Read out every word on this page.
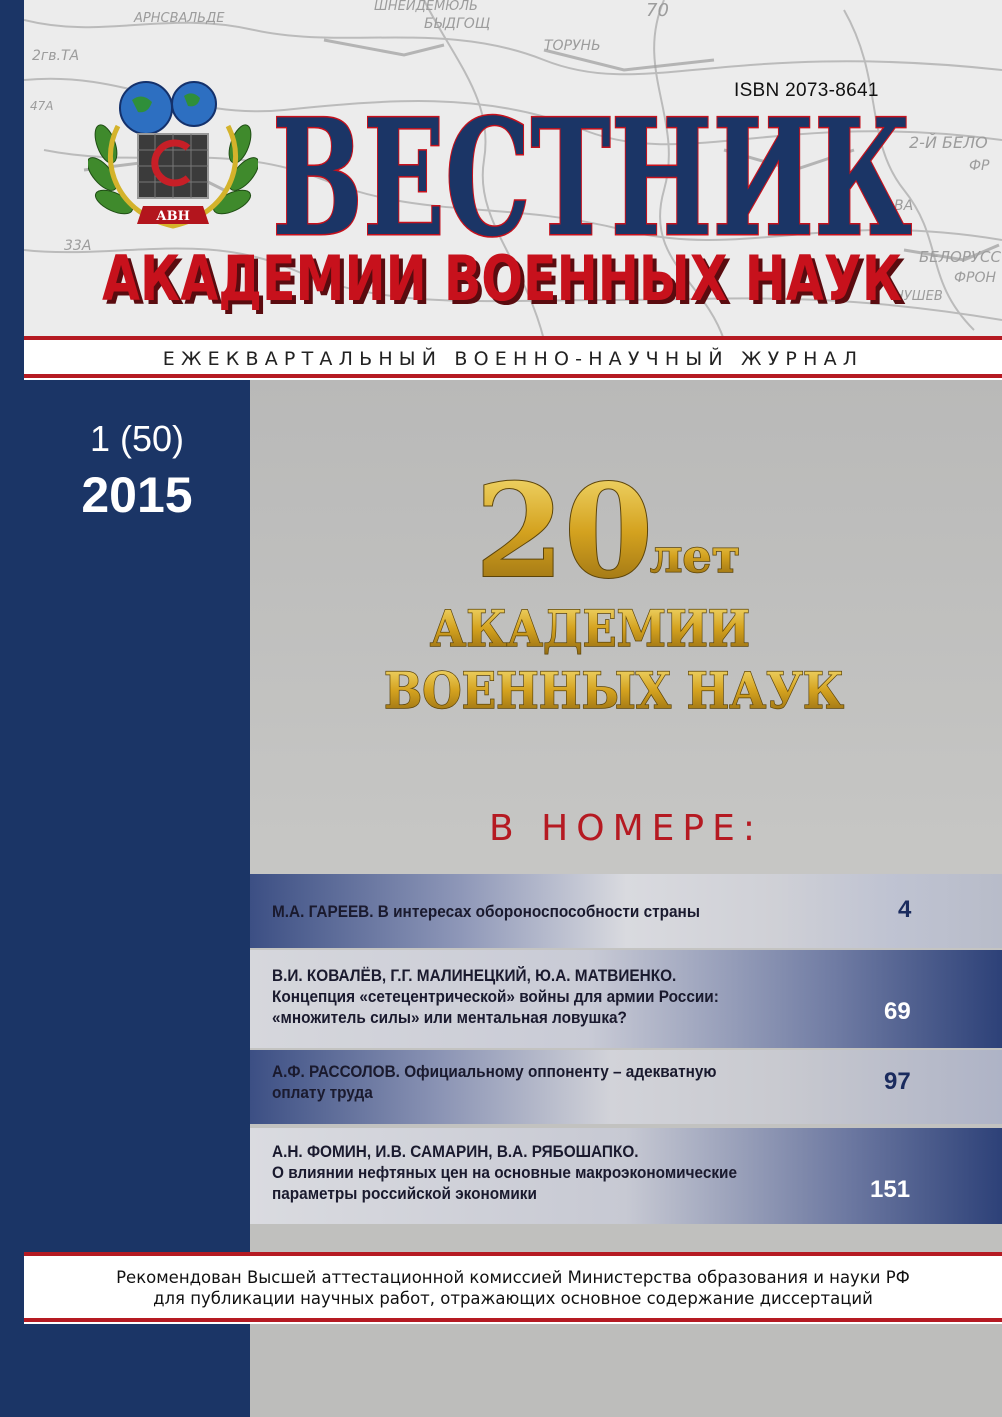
АРНСВАЛЬДЕ
ШНЕЙДЕМЮЛЬ
БЫДГОЩ
ТОРУНЬ
2-Й БЕЛО
ФР
БЕЛОРУСС
ФРОН
ВА
2гв.ТА
33А
НУШЕВ
70
47А
ISBN 2073-8641
АВН ВЕСТНИК
АКАДЕМИИ ВОЕННЫХ НАУК
АКАДЕМИИ ВОЕННЫХ НАУК
ЕЖЕКВАРТАЛЬНЫЙ ВОЕННО-НАУЧНЫЙ ЖУРНАЛ
1 (50)
2015	20
лет
АКАДЕМИИ
ВОЕННЫХ НАУК
В НОМЕРЕ:
М.А. ГАРЕЕВ. В интересах обороноспособности страны	4
В.И. КОВАЛЁВ, Г.Г. МАЛИНЕЦКИЙ, Ю.А. МАТВИЕНКО.
Концепция «сетецентрической» войны для армии России:
«множитель силы» или ментальная ловушка?	69
А.Ф. РАССОЛОВ. Официальному оппоненту – адекватную
оплату труда	97
А.Н. ФОМИН, И.В. САМАРИН, В.А. РЯБОШАПКО.
О влиянии нефтяных цен на основные макроэкономические
параметры российской экономики	151
Рекомендован Высшей аттестационной комиссией Министерства образования и науки РФ
для публикации научных работ, отражающих основное содержание диссертаций
